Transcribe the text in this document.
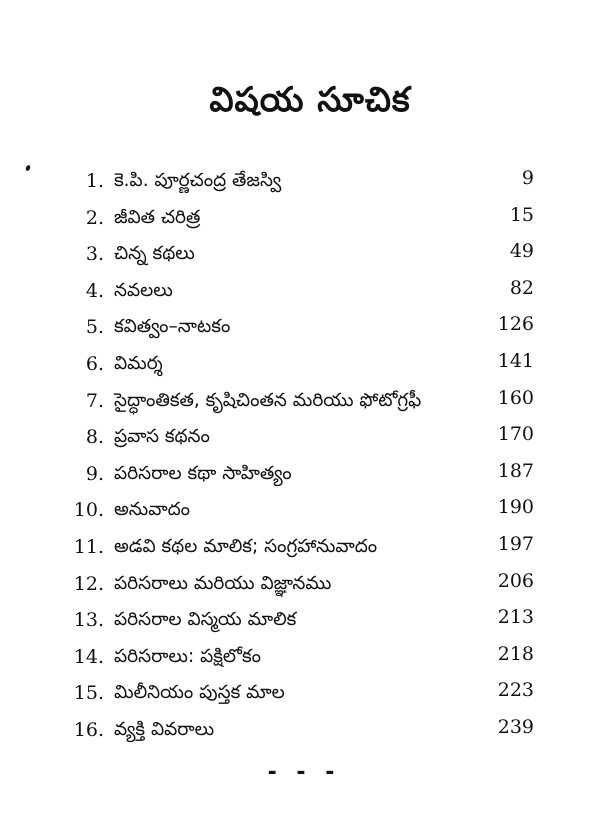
విషయ సూచిక
1. కె.పి. పూర్ణచంద్ర తేజస్వి	9
2. జీవిత చరిత్ర	15
3. చిన్న కథలు	49
4. నవలలు	82
5. కవిత్వం–నాటకం	126
6. విమర్శ	141
7. సైద్ధాంతికత, కృషిచింతన మరియు ఫోటోగ్రఫీ	160
8. ప్రవాస కథనం	170
9. పరిసరాల కథా సాహిత్యం	187
10. అనువాదం	190
11. అడవి కథల మాలిక; సంగ్రహానువాదం	197
12. పరిసరాలు మరియు విజ్ఞానము	206
13. పరిసరాల విస్మయ మాలిక	213
14. పరిసరాలు: పక్షిలోకం	218
15. మిలీనియం పుస్తక మాల	223
16. వ్యక్తి వివరాలు	239
- - -
